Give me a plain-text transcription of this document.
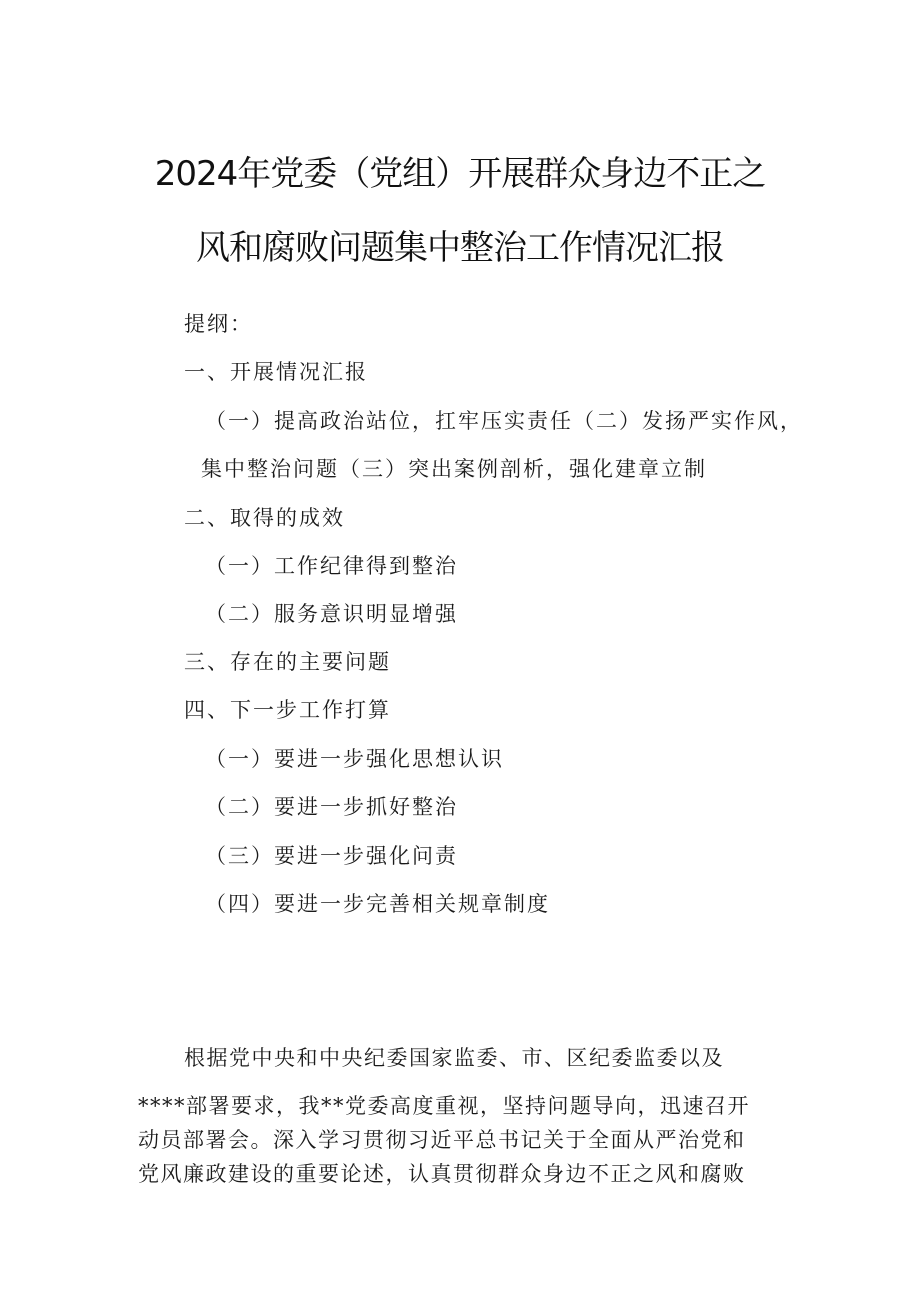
2024年党委（党组）开展群众身边不正之
风和腐败问题集中整治工作情况汇报
提纲：
一、开展情况汇报
（一）提高政治站位，扛牢压实责任（二）发扬严实作风，
集中整治问题（三）突出案例剖析，强化建章立制
二、取得的成效
（一）工作纪律得到整治
（二）服务意识明显增强
三、存在的主要问题
四、下一步工作打算
（一）要进一步强化思想认识
（二）要进一步抓好整治
（三）要进一步强化问责
（四）要进一步完善相关规章制度
根据党中央和中央纪委国家监委、市、区纪委监委以及
****部署要求，我**党委高度重视，坚持问题导向，迅速召开
动员部署会。深入学习贯彻习近平总书记关于全面从严治党和
党风廉政建设的重要论述，认真贯彻群众身边不正之风和腐败
